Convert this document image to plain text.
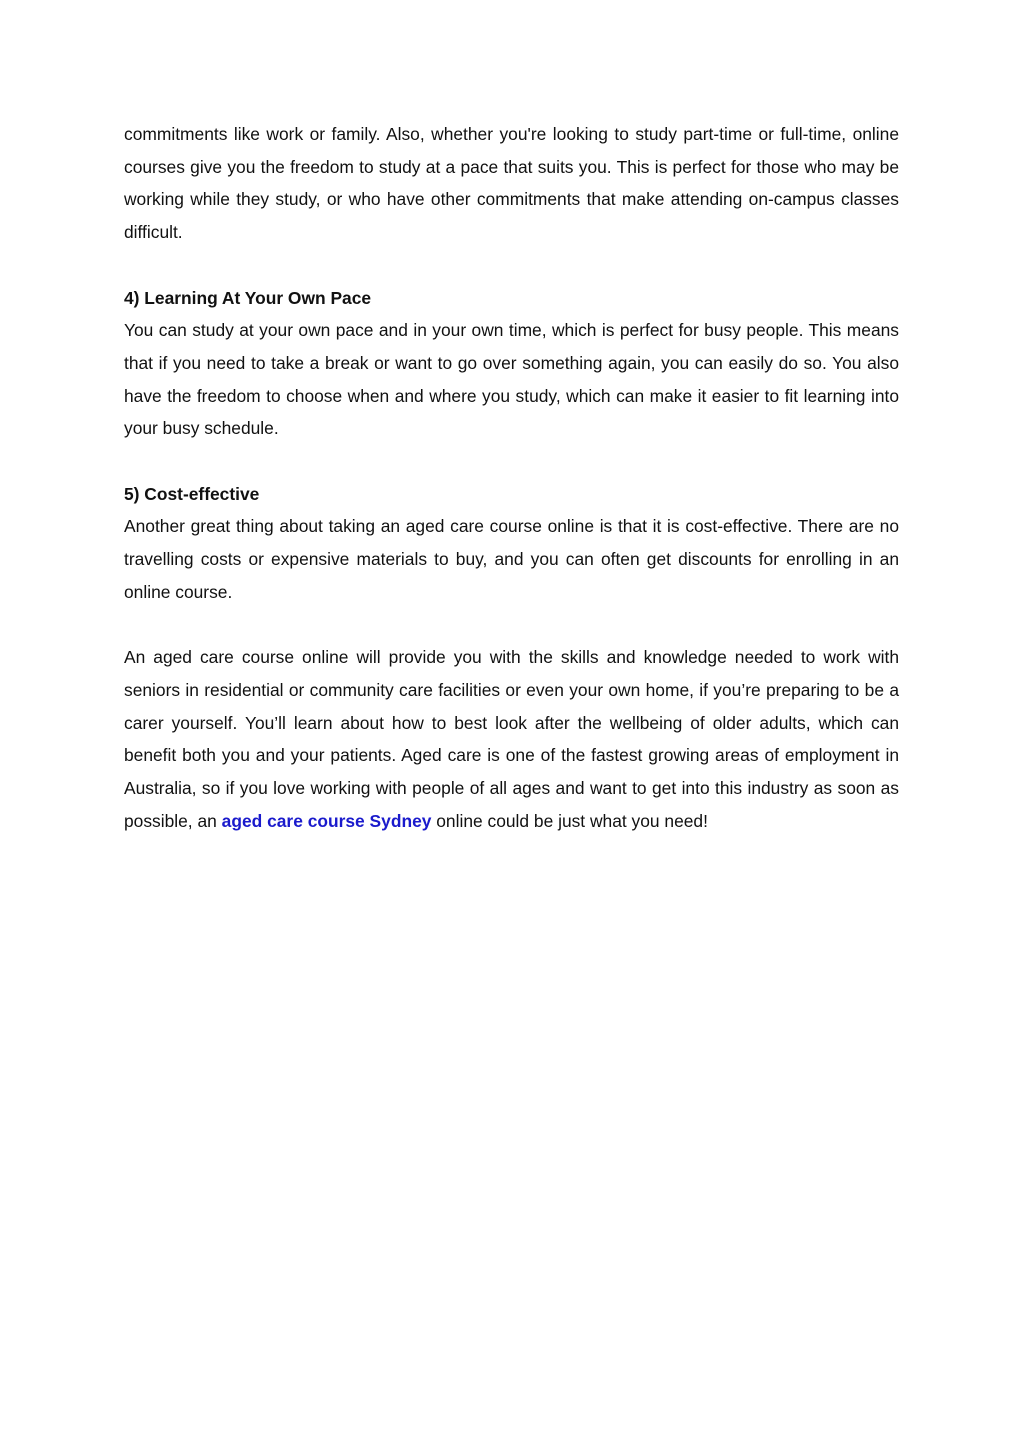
commitments like work or family. Also, whether you're looking to study part-time or full-time, online courses give you the freedom to study at a pace that suits you. This is perfect for those who may be working while they study, or who have other commitments that make attending on-campus classes difficult.

4) Learning At Your Own Pace

You can study at your own pace and in your own time, which is perfect for busy people. This means that if you need to take a break or want to go over something again, you can easily do so. You also have the freedom to choose when and where you study, which can make it easier to fit learning into your busy schedule.

5) Cost-effective

Another great thing about taking an aged care course online is that it is cost-effective. There are no travelling costs or expensive materials to buy, and you can often get discounts for enrolling in an online course.

An aged care course online will provide you with the skills and knowledge needed to work with seniors in residential or community care facilities or even your own home, if you’re preparing to be a carer yourself. You’ll learn about how to best look after the wellbeing of older adults, which can benefit both you and your patients. Aged care is one of the fastest growing areas of employment in Australia, so if you love working with people of all ages and want to get into this industry as soon as possible, an aged care course Sydney online could be just what you need!
